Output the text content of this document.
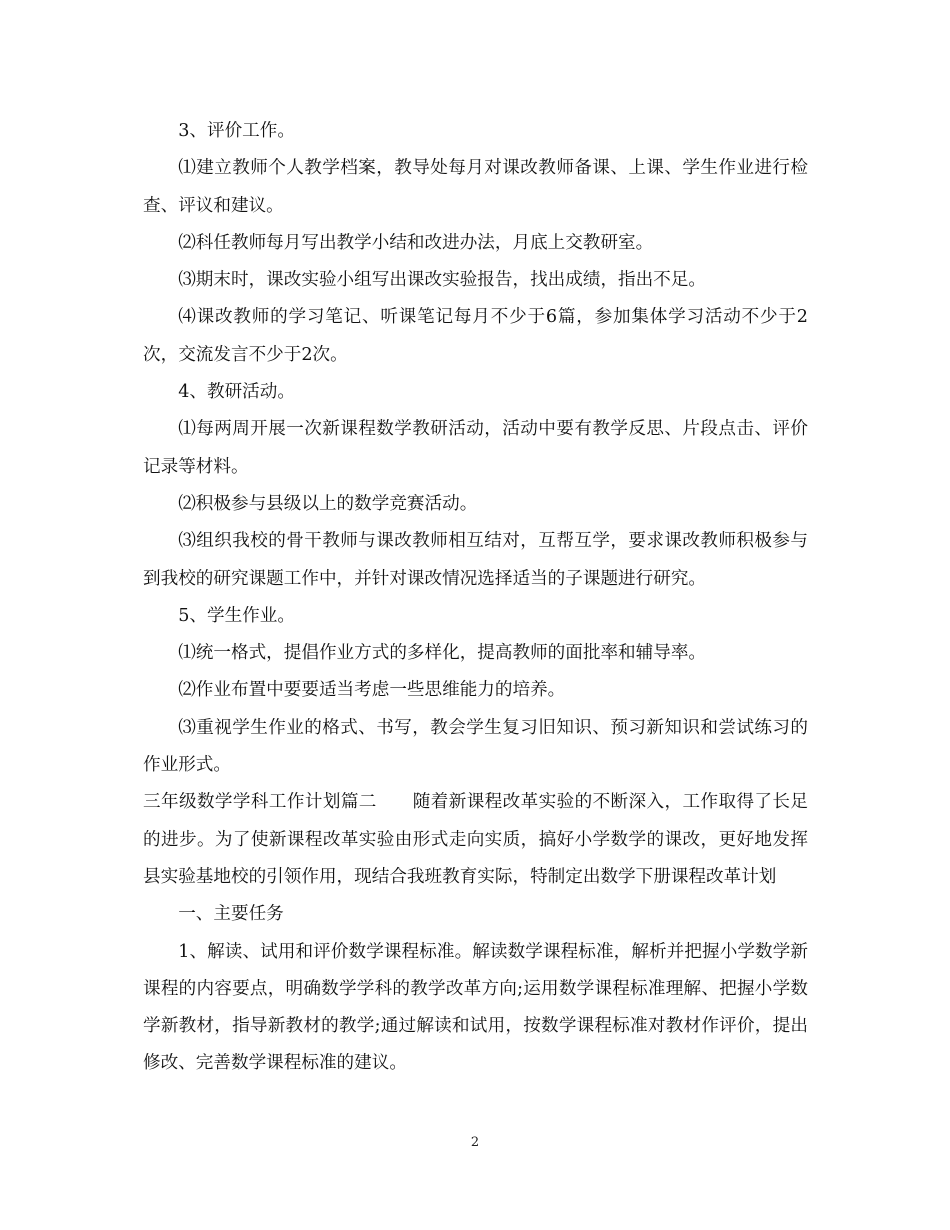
3、评价工作。

⑴建立教师个人教学档案，教导处每月对课改教师备课、上课、学生作业进行检查、评议和建议。

⑵科任教师每月写出教学小结和改进办法，月底上交教研室。

⑶期末时，课改实验小组写出课改实验报告，找出成绩，指出不足。

⑷课改教师的学习笔记、听课笔记每月不少于6篇，参加集体学习活动不少于2次，交流发言不少于2次。

4、教研活动。

⑴每两周开展一次新课程数学教研活动，活动中要有教学反思、片段点击、评价记录等材料。

⑵积极参与县级以上的数学竞赛活动。

⑶组织我校的骨干教师与课改教师相互结对，互帮互学，要求课改教师积极参与到我校的研究课题工作中，并针对课改情况选择适当的子课题进行研究。

5、学生作业。

⑴统一格式，提倡作业方式的多样化，提高教师的面批率和辅导率。

⑵作业布置中要要适当考虑一些思维能力的培养。

⑶重视学生作业的格式、书写，教会学生复习旧知识、预习新知识和尝试练习的作业形式。

三年级数学学科工作计划篇二　　随着新课程改革实验的不断深入，工作取得了长足的进步。为了使新课程改革实验由形式走向实质，搞好小学数学的课改，更好地发挥县实验基地校的引领作用，现结合我班教育实际，特制定出数学下册课程改革计划

一、主要任务

1、解读、试用和评价数学课程标准。解读数学课程标准，解析并把握小学数学新课程的内容要点，明确数学学科的教学改革方向;运用数学课程标准理解、把握小学数学新教材，指导新教材的教学;通过解读和试用，按数学课程标准对教材作评价，提出修改、完善数学课程标准的建议。

2
